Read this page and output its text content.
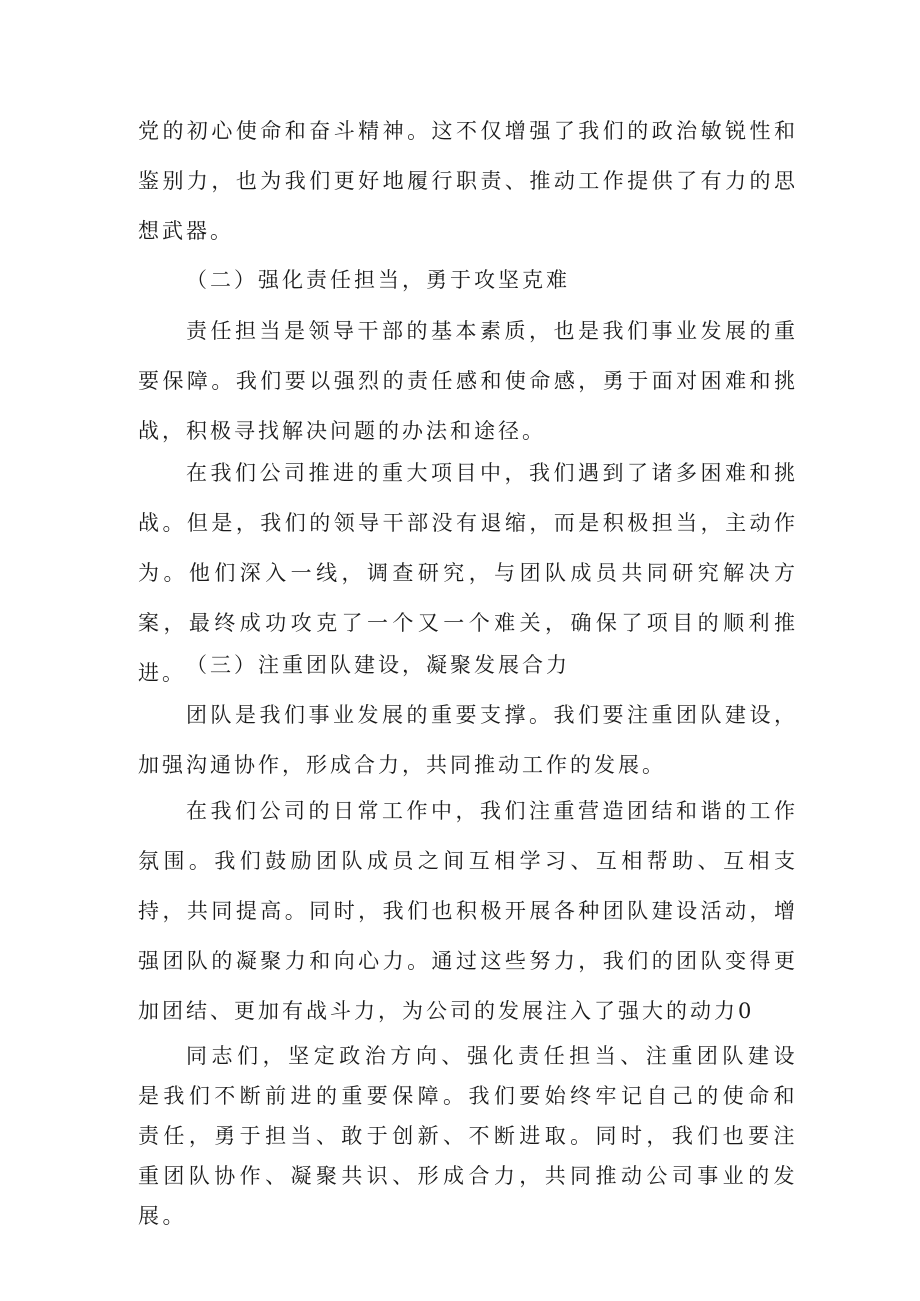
党的初心使命和奋斗精神。这不仅增强了我们的政治敏锐性和鉴别力，也为我们更好地履行职责、推动工作提供了有力的思想武器。

（二）强化责任担当，勇于攻坚克难

责任担当是领导干部的基本素质，也是我们事业发展的重要保障。我们要以强烈的责任感和使命感，勇于面对困难和挑战，积极寻找解决问题的办法和途径。

在我们公司推进的重大项目中，我们遇到了诸多困难和挑战。但是，我们的领导干部没有退缩，而是积极担当，主动作为。他们深入一线，调查研究，与团队成员共同研究解决方案，最终成功攻克了一个又一个难关，确保了项目的顺利推进。 （三）注重团队建设，凝聚发展合力

团队是我们事业发展的重要支撑。我们要注重团队建设，加强沟通协作，形成合力，共同推动工作的发展。

在我们公司的日常工作中，我们注重营造团结和谐的工作氛围。我们鼓励团队成员之间互相学习、互相帮助、互相支持，共同提高。同时，我们也积极开展各种团队建设活动，增强团队的凝聚力和向心力。通过这些努力，我们的团队变得更加团结、更加有战斗力，为公司的发展注入了强大的动力0

同志们，坚定政治方向、强化责任担当、注重团队建设是我们不断前进的重要保障。我们要始终牢记自己的使命和责任，勇于担当、敢于创新、不断进取。同时，我们也要注重团队协作、凝聚共识、形成合力，共同推动公司事业的发展。
